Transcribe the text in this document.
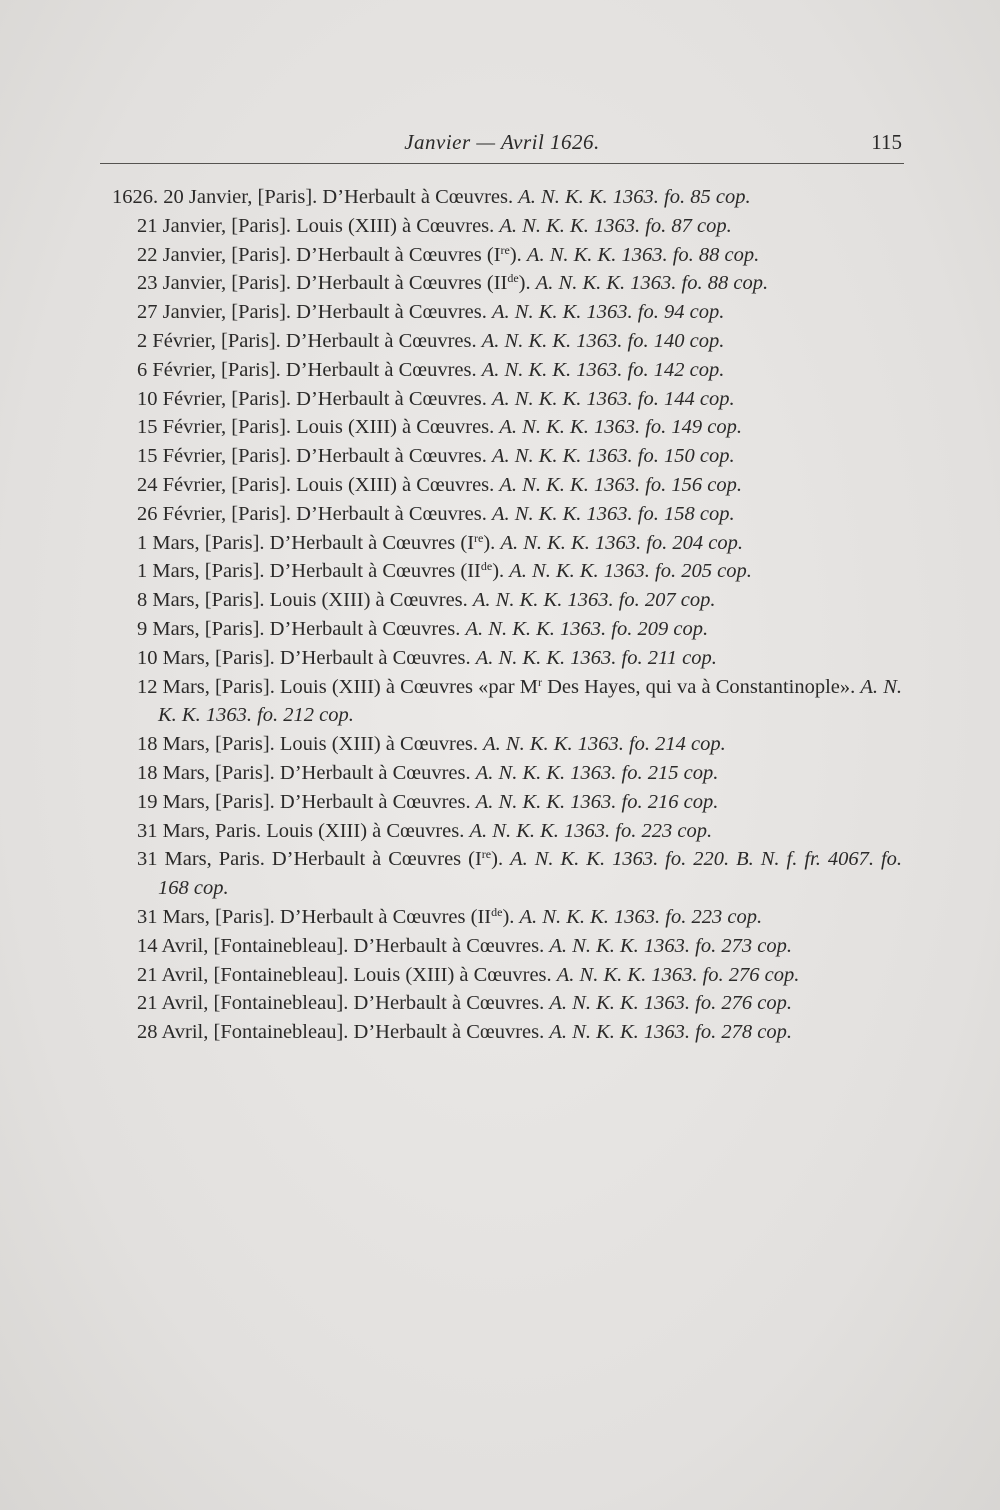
Janvier — Avril 1626.	115

1626. 20 Janvier, [Paris]. D’Herbault à Cœuvres. A. N. K. K. 1363. fo. 85 cop.

21 Janvier, [Paris]. Louis (XIII) à Cœuvres. A. N. K. K. 1363. fo. 87 cop.

22 Janvier, [Paris]. D’Herbault à Cœuvres (Ire). A. N. K. K. 1363. fo. 88 cop.

23 Janvier, [Paris]. D’Herbault à Cœuvres (IIde). A. N. K. K. 1363. fo. 88 cop.

27 Janvier, [Paris]. D’Herbault à Cœuvres. A. N. K. K. 1363. fo. 94 cop.

2 Février, [Paris]. D’Herbault à Cœuvres. A. N. K. K. 1363. fo. 140 cop.

6 Février, [Paris]. D’Herbault à Cœuvres. A. N. K. K. 1363. fo. 142 cop.

10 Février, [Paris]. D’Herbault à Cœuvres. A. N. K. K. 1363. fo. 144 cop.

15 Février, [Paris]. Louis (XIII) à Cœuvres. A. N. K. K. 1363. fo. 149 cop.

15 Février, [Paris]. D’Herbault à Cœuvres. A. N. K. K. 1363. fo. 150 cop.

24 Février, [Paris]. Louis (XIII) à Cœuvres. A. N. K. K. 1363. fo. 156 cop.

26 Février, [Paris]. D’Herbault à Cœuvres. A. N. K. K. 1363. fo. 158 cop.

1 Mars, [Paris]. D’Herbault à Cœuvres (Ire). A. N. K. K. 1363. fo. 204 cop.

1 Mars, [Paris]. D’Herbault à Cœuvres (IIde). A. N. K. K. 1363. fo. 205 cop.

8 Mars, [Paris]. Louis (XIII) à Cœuvres. A. N. K. K. 1363. fo. 207 cop.

9 Mars, [Paris]. D’Herbault à Cœuvres. A. N. K. K. 1363. fo. 209 cop.

10 Mars, [Paris]. D’Herbault à Cœuvres. A. N. K. K. 1363. fo. 211 cop.

12 Mars, [Paris]. Louis (XIII) à Cœuvres «par $M^r$ Des Hayes, qui va à Constantinople». A. N. K. K. 1363. fo. 212 cop.

18 Mars, [Paris]. Louis (XIII) à Cœuvres. A. N. K. K. 1363. fo. 214 cop.

18 Mars, [Paris]. D’Herbault à Cœuvres. A. N. K. K. 1363. fo. 215 cop.

19 Mars, [Paris]. D’Herbault à Cœuvres. A. N. K. K. 1363. fo. 216 cop.

31 Mars, Paris. Louis (XIII) à Cœuvres. A. N. K. K. 1363. fo. 223 cop.

31 Mars, Paris. D’Herbault à Cœuvres (Ire). A. N. K. K. 1363. fo. 220. B. N. f. fr. 4067. fo. 168 cop.

31 Mars, [Paris]. D’Herbault à Cœuvres (IIde). A. N. K. K. 1363. fo. 223 cop.

14 Avril, [Fontainebleau]. D’Herbault à Cœuvres. A. N. K. K. 1363. fo. 273 cop.

21 Avril, [Fontainebleau]. Louis (XIII) à Cœuvres. A. N. K. K. 1363. fo. 276 cop.

21 Avril, [Fontainebleau]. D’Herbault à Cœuvres. A. N. K. K. 1363. fo. 276 cop.

28 Avril, [Fontainebleau]. D’Herbault à Cœuvres. A. N. K. K. 1363. fo. 278 cop.
